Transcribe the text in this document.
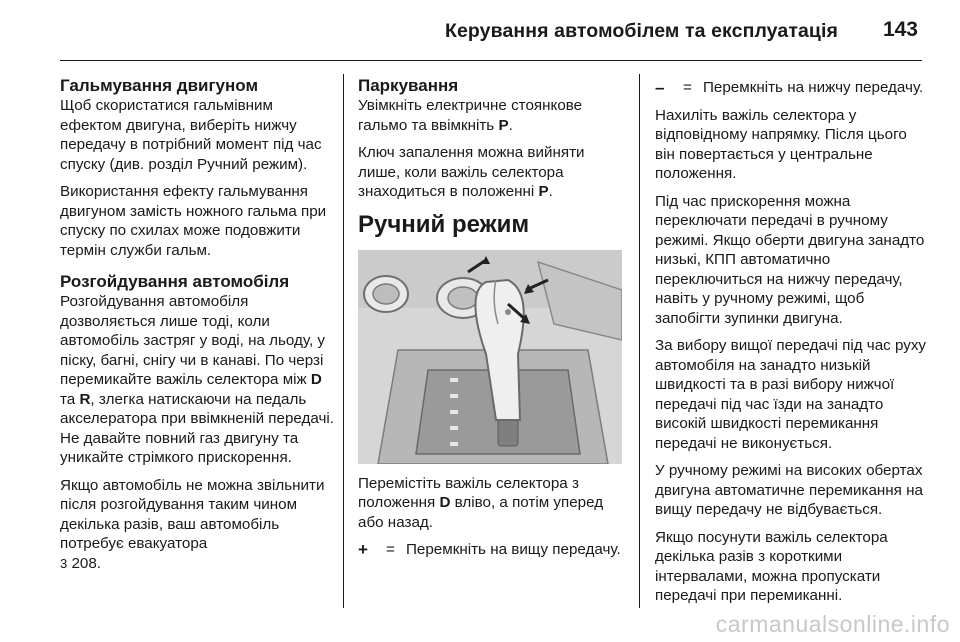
Керування автомобілем та експлуатація 143
Гальмування двигуном

Щоб скористатися гальмівним ефектом двигуна, виберіть нижчу передачу в потрібний момент під час спуску (див. розділ Ручний режим).

Використання ефекту гальмування двигуном замість ножного гальма при спуску по схилах може подовжити термін служби гальм.

Розгойдування автомобіля

Розгойдування автомобіля дозволяється лише тоді, коли автомобіль застряг у воді, на льоду, у піску, багні, снігу чи в канаві. По черзі перемикайте важіль селектора між D та R, злегка натискаючи на педаль акселератора при ввімкненій передачі. Не давайте повний газ двигуну та уникайте стрімкого прискорення.

Якщо автомобіль не можна звільнити після розгойдування таким чином декілька разів, ваш автомобіль потребує евакуатора
3 208.

Паркування

Увімкніть електричне стоянкове гальмо та ввімкніть P.

Ключ запалення можна вийняти лише, коли важіль селектора знаходиться в положенні P.

Ручний режим

Перемістіть важіль селектора з положення D вліво, а потім уперед або назад.

+	= Перемкніть на вищу передачу.
–	= Перемкніть на нижчу передачу.

Нахиліть важіль селектора у відповідному напрямку. Після цього він повертається у центральне положення.

Під час прискорення можна переключати передачі в ручному режимі. Якщо оберти двигуна занадто низькі, КПП автоматично переключиться на нижчу передачу, навіть у ручному режимі, щоб запобігти зупинки двигуна.

За вибору вищої передачі під час руху автомобіля на занадто низькій швидкості та в разі вибору нижчої передачі під час їзди на занадто високій швидкості перемикання передачі не виконується.

У ручному режимі на високих обертах двигуна автоматичне перемикання на вищу передачу не відбувається.

Якщо посунути важіль селектора декілька разів з короткими інтервалами, можна пропускати передачі при перемиканні.

carmanualsonline.info
